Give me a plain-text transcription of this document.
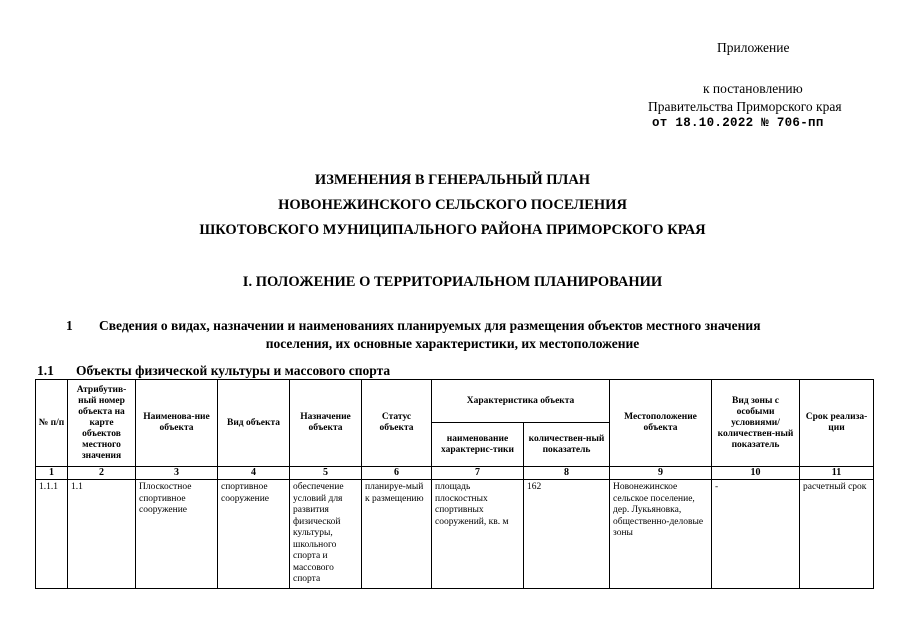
Приложение
к постановлению
Правительства Приморского края
от 18.10.2022 № 706-пп
ИЗМЕНЕНИЯ В ГЕНЕРАЛЬНЫЙ ПЛАН
НОВОНЕЖИНСКОГО СЕЛЬСКОГО ПОСЕЛЕНИЯ
ШКОТОВСКОГО МУНИЦИПАЛЬНОГО РАЙОНА ПРИМОРСКОГО КРАЯ
I. ПОЛОЖЕНИЕ О ТЕРРИТОРИАЛЬНОМ ПЛАНИРОВАНИИ
1 Сведения о видах, назначении и наименованиях планируемых для размещения объектов местного значения
поселения, их основные характеристики, их местоположение
1.1 Объекты физической культуры и массового спорта
№ п/п	Атрибутив-ный номер объекта на карте объектов местного значения	Наименова-ние объекта	Вид объекта	Назначение объекта	Статус объекта	Характеристика объекта		Местоположение объекта	Вид зоны с особыми условиями/ количествен-ный показатель	Срок реализа-ции
						наименование характерис-тики	количествен-ный показатель			
1	2	3	4	5	6	7	8	9	10	11
1.1.1	1.1	Плоскостное спортивное сооружение	спортивное сооружение	обеспечение условий для развития физической культуры, школьного спорта и массового спорта	планируе-мый к размещению	площадь плоскостных спортивных сооружений, кв. м	162	Новонежинское сельское поселение, дер. Лукьяновка, общественно-деловые зоны	-	расчетный срок
